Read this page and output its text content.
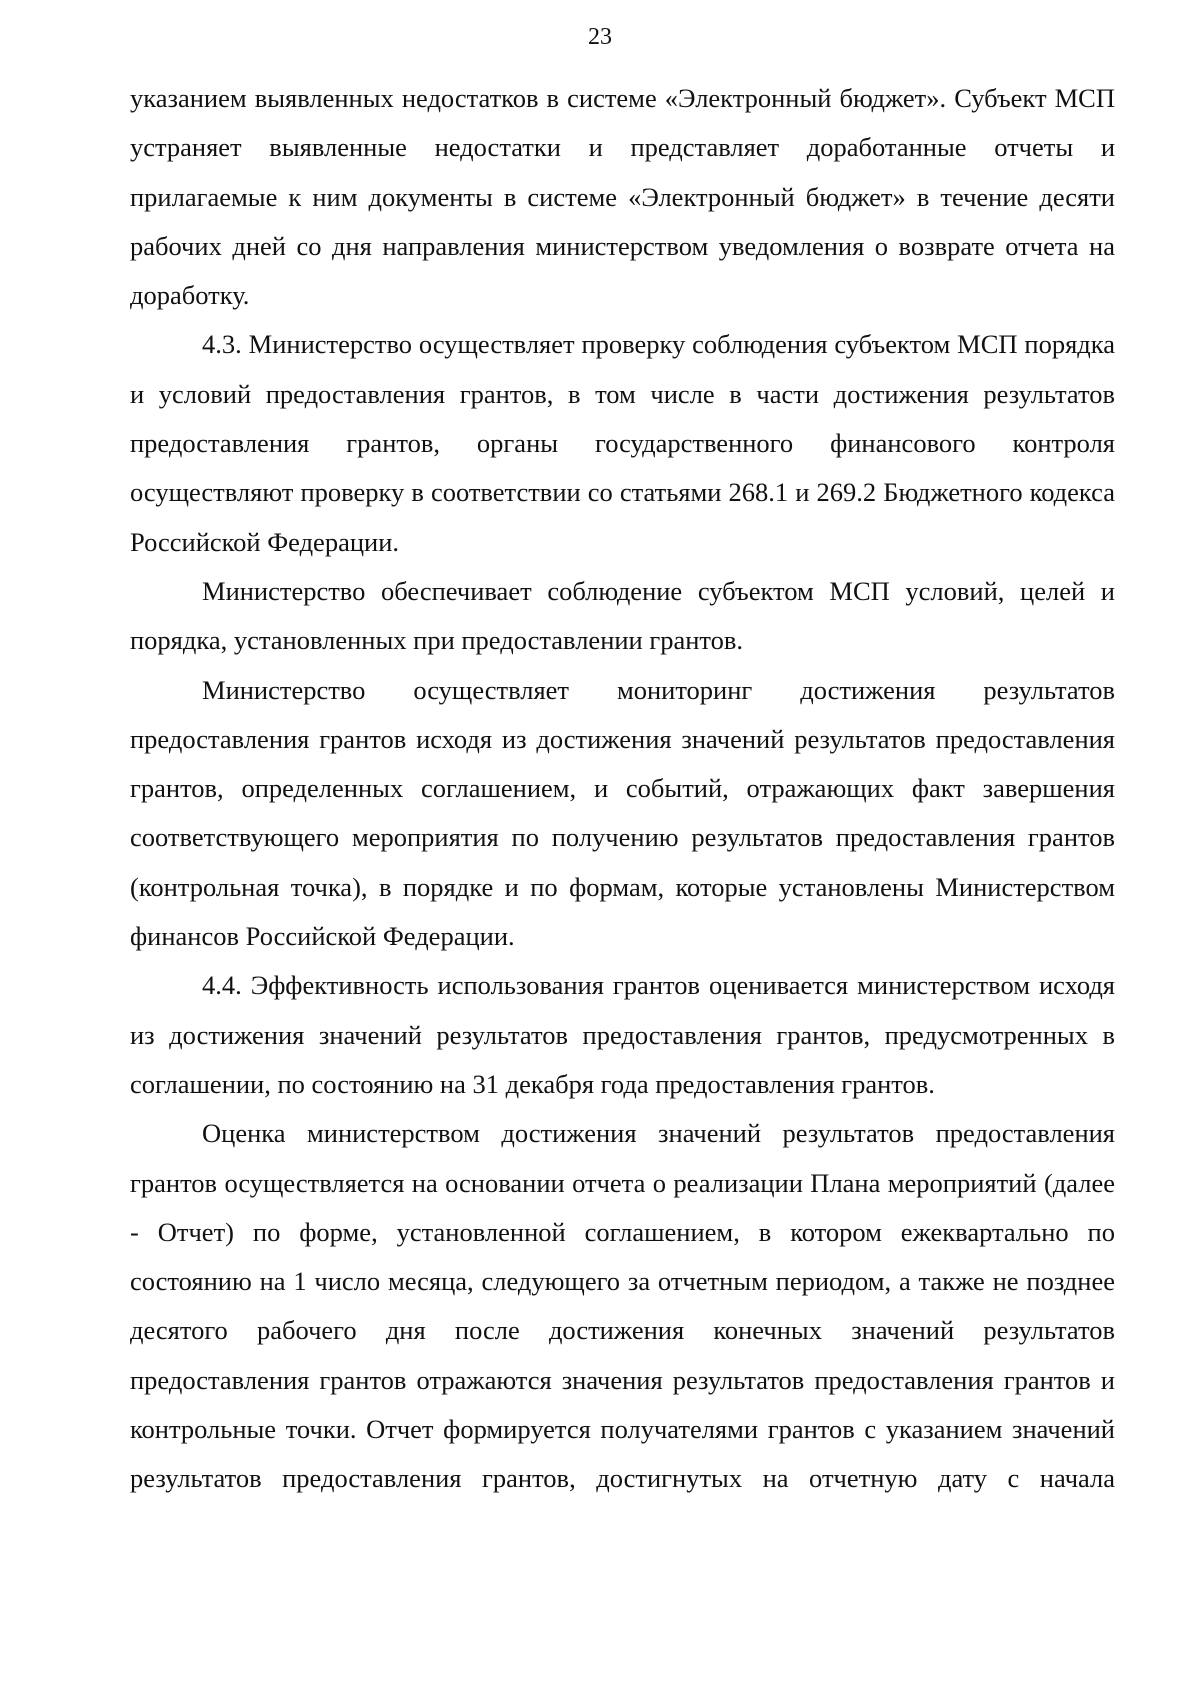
23

указанием выявленных недостатков в системе «Электронный бюджет». Субъект МСП устраняет выявленные недостатки и представляет доработанные отчеты и прилагаемые к ним документы в системе «Электронный бюджет» в течение десяти рабочих дней со дня направления министерством уведомления о возврате отчета на доработку.

4.3. Министерство осуществляет проверку соблюдения субъектом МСП порядка и условий предоставления грантов, в том числе в части достижения результатов предоставления грантов, органы государственного финансового контроля осуществляют проверку в соответствии со статьями 268.1 и 269.2 Бюджетного кодекса Российской Федерации.

Министерство обеспечивает соблюдение субъектом МСП условий, целей и порядка, установленных при предоставлении грантов.

Министерство осуществляет мониторинг достижения результатов предоставления грантов исходя из достижения значений результатов предоставления грантов, определенных соглашением, и событий, отражающих факт завершения соответствующего мероприятия по получению результатов предоставления грантов (контрольная точка), в порядке и по формам, которые установлены Министерством финансов Российской Федерации.

4.4. Эффективность использования грантов оценивается министерством исходя из достижения значений результатов предоставления грантов, предусмотренных в соглашении, по состоянию на 31 декабря года предоставления грантов.

Оценка министерством достижения значений результатов предоставления грантов осуществляется на основании отчета о реализации Плана мероприятий (далее - Отчет) по форме, установленной соглашением, в котором ежеквартально по состоянию на 1 число месяца, следующего за отчетным периодом, а также не позднее десятого рабочего дня после достижения конечных значений результатов предоставления грантов отражаются значения результатов предоставления грантов и контрольные точки. Отчет формируется получателями грантов с указанием значений результатов предоставления грантов, достигнутых на отчетную дату с начала
